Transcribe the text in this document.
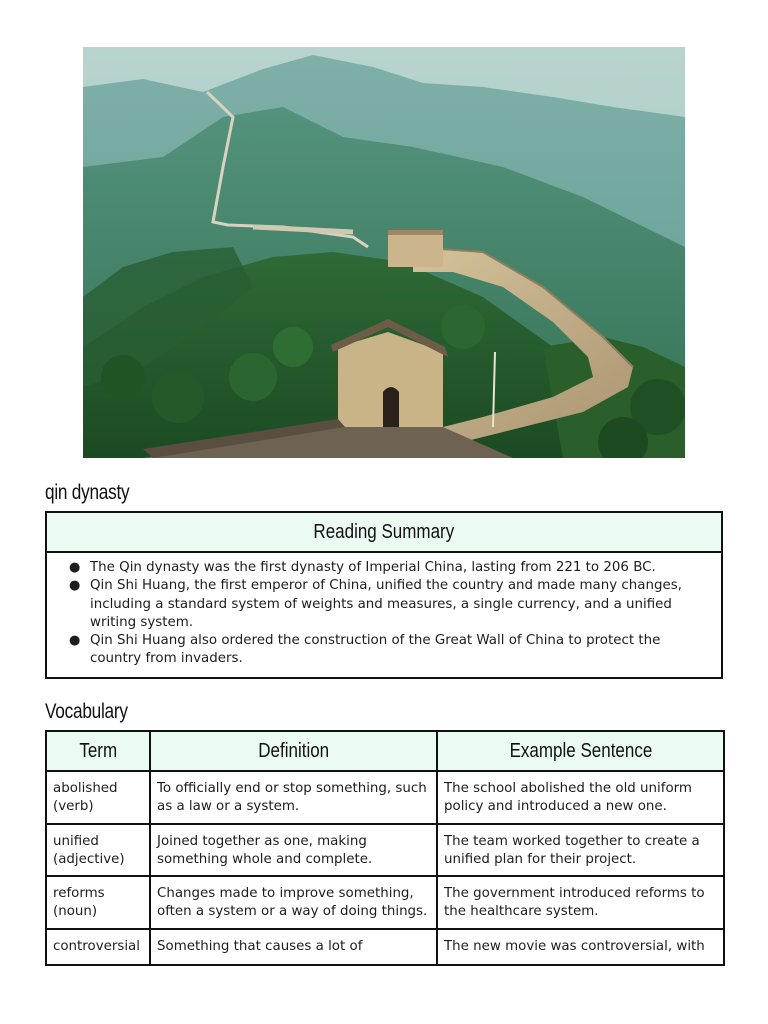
qin dynasty
Reading Summary
● The Qin dynasty was the first dynasty of Imperial China, lasting from 221 to 206 BC.
● Qin Shi Huang, the first emperor of China, unified the country and made many changes, including a standard system of weights and measures, a single currency, and a unified writing system.
● Qin Shi Huang also ordered the construction of the Great Wall of China to protect the country from invaders.
Vocabulary
Term	Definition	Example Sentence
abolished (verb)	To officially end or stop something, such as a law or a system.	The school abolished the old uniform policy and introduced a new one.
unified (adjective)	Joined together as one, making something whole and complete.	The team worked together to create a unified plan for their project.
reforms (noun)	Changes made to improve something, often a system or a way of doing things.	The government introduced reforms to the healthcare system.
controversial	Something that causes a lot of	The new movie was controversial, with
